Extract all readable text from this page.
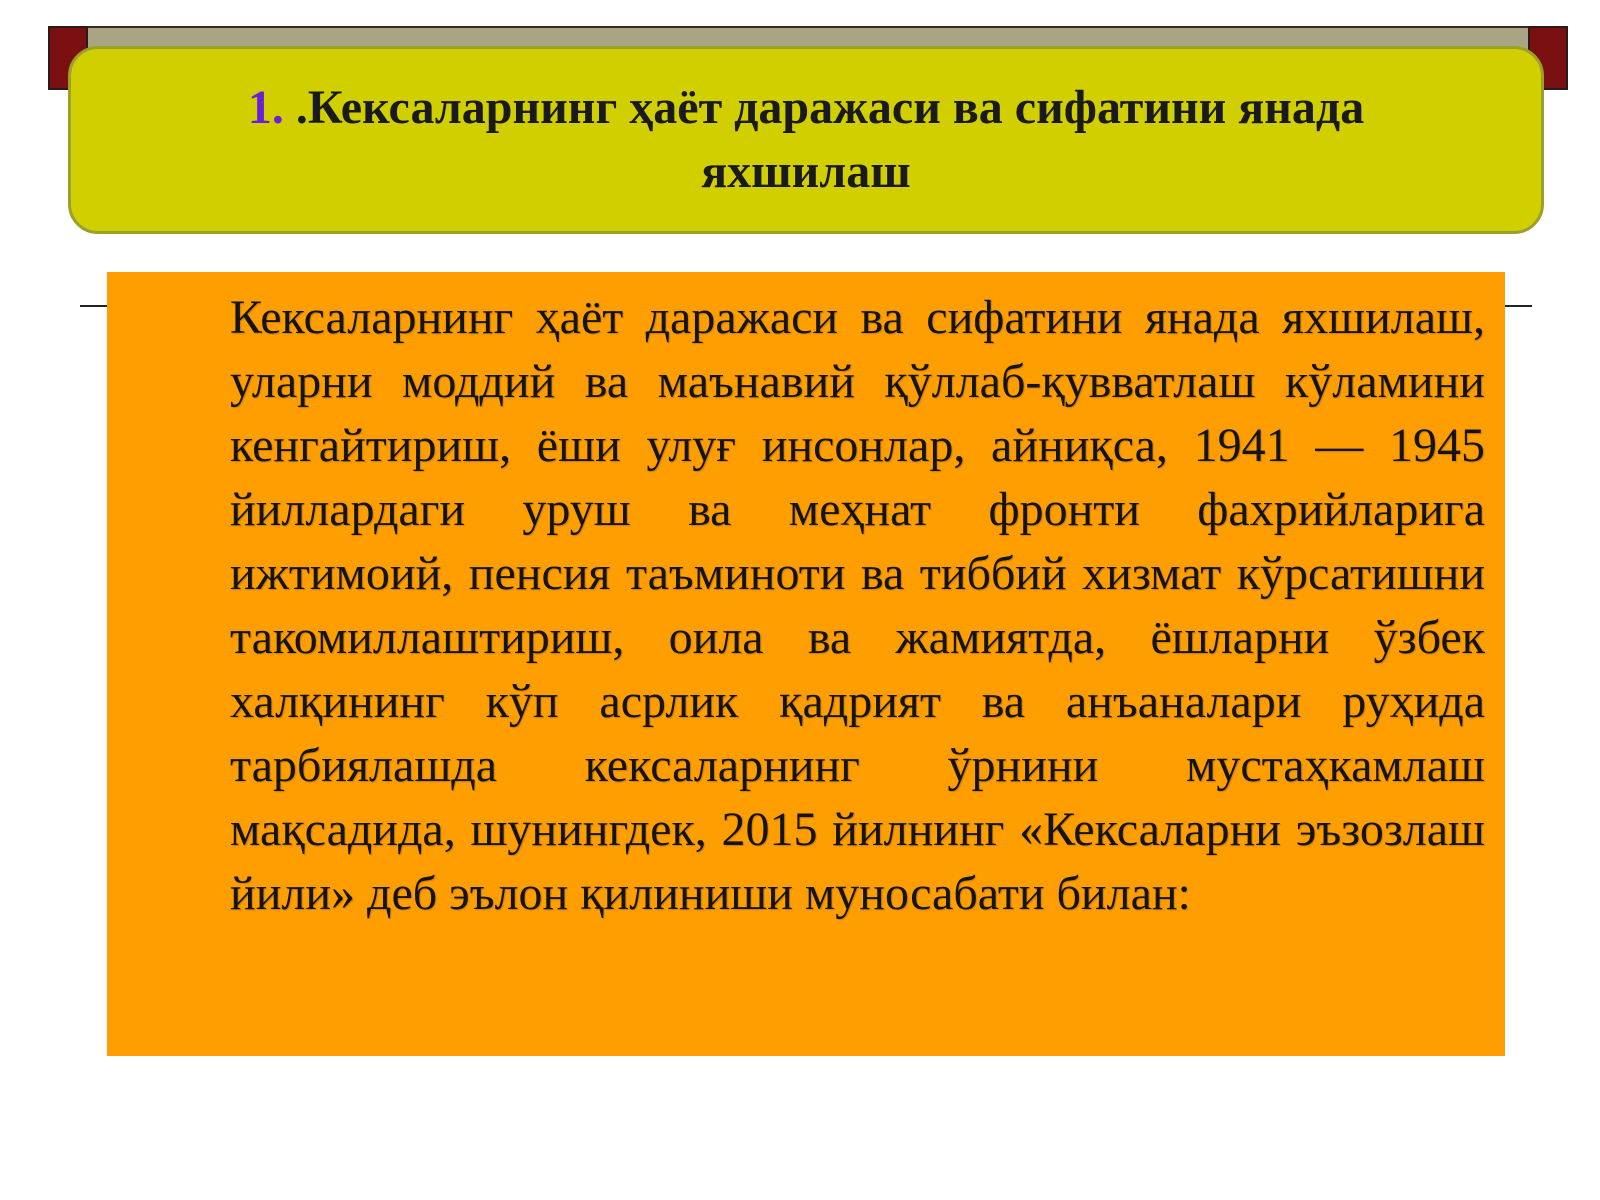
1. .Кексаларнинг ҳаёт даражаси ва сифатини янада яхшилаш

Кексаларнинг ҳаёт даражаси ва сифатини янада яхшилаш, уларни моддий ва маънавий қўллаб-қувватлаш кўламини кенгайтириш, ёши улуғ инсонлар, айниқса, 1941 — 1945 йиллардаги уруш ва меҳнат фронти фахрийларига ижтимоий, пенсия таъминоти ва тиббий хизмат кўрсатишни такомиллаштириш, оила ва жамиятда, ёшларни ўзбек халқининг кўп асрлик қадрият ва анъаналари руҳида тарбиялашда кексаларнинг ўрнини мустаҳкамлаш мақсадида, шунингдек, 2015 йилнинг «Кексаларни эъзозлаш йили» деб эълон қилиниши муносабати билан:
